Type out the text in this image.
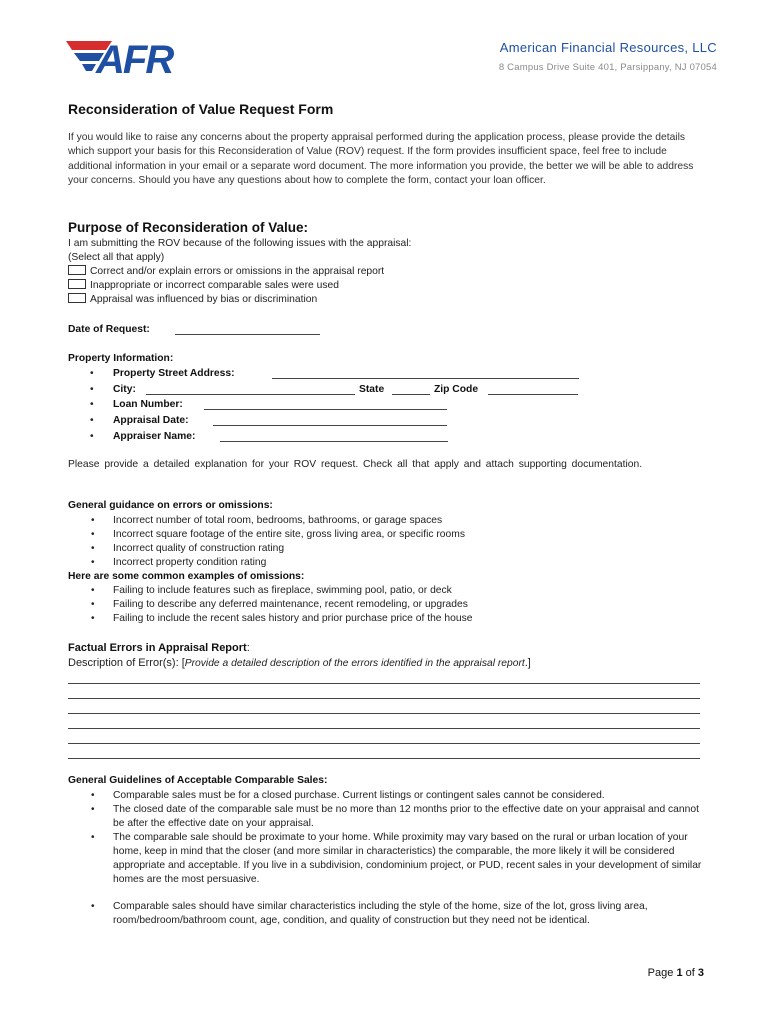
AFR	American Financial Resources, LLC
8 Campus Drive Suite 401, Parsippany, NJ 07054
Reconsideration of Value Request Form

If you would like to raise any concerns about the property appraisal performed during the application process, please provide the details which support your basis for this Reconsideration of Value (ROV) request. If the form provides insufficient space, feel free to include additional information in your email or a separate word document. The more information you provide, the better we will be able to address your concerns. Should you have any questions about how to complete the form, contact your loan officer.

Purpose of Reconsideration of Value:
I am submitting the ROV because of the following issues with the appraisal:
(Select all that apply)
Correct and/or explain errors or omissions in the appraisal report
Inappropriate or incorrect comparable sales were used
Appraisal was influenced by bias or discrimination
Date of Request:
Property Information:
• Property Street Address:
• City:	State	Zip Code
• Loan Number:
• Appraisal Date:
• Appraiser Name:

Please provide a detailed explanation for your ROV request. Check all that apply and attach supporting documentation.

General guidance on errors or omissions:
• Incorrect number of total room, bedrooms, bathrooms, or garage spaces
• Incorrect square footage of the entire site, gross living area, or specific rooms
• Incorrect quality of construction rating
• Incorrect property condition rating
Here are some common examples of omissions:
• Failing to include features such as fireplace, swimming pool, patio, or deck
• Failing to describe any deferred maintenance, recent remodeling, or upgrades
• Failing to include the recent sales history and prior purchase price of the house
Factual Errors in Appraisal Report:
Description of Error(s): [Provide a detailed description of the errors identified in the appraisal report.]
General Guidelines of Acceptable Comparable Sales:
• Comparable sales must be for a closed purchase. Current listings or contingent sales cannot be considered.

• The closed date of the comparable sale must be no more than 12 months prior to the effective date on your appraisal and cannot be after the effective date on your appraisal.

• The comparable sale should be proximate to your home. While proximity may vary based on the rural or urban location of your home, keep in mind that the closer (and more similar in characteristics) the comparable, the more likely it will be considered appropriate and acceptable. If you live in a subdivision, condominium project, or PUD, recent sales in your development of similar homes are the most persuasive.

• Comparable sales should have similar characteristics including the style of the home, size of the lot, gross living area, room/bedroom/bathroom count, age, condition, and quality of construction but they need not be identical.

Page 1 of 3
